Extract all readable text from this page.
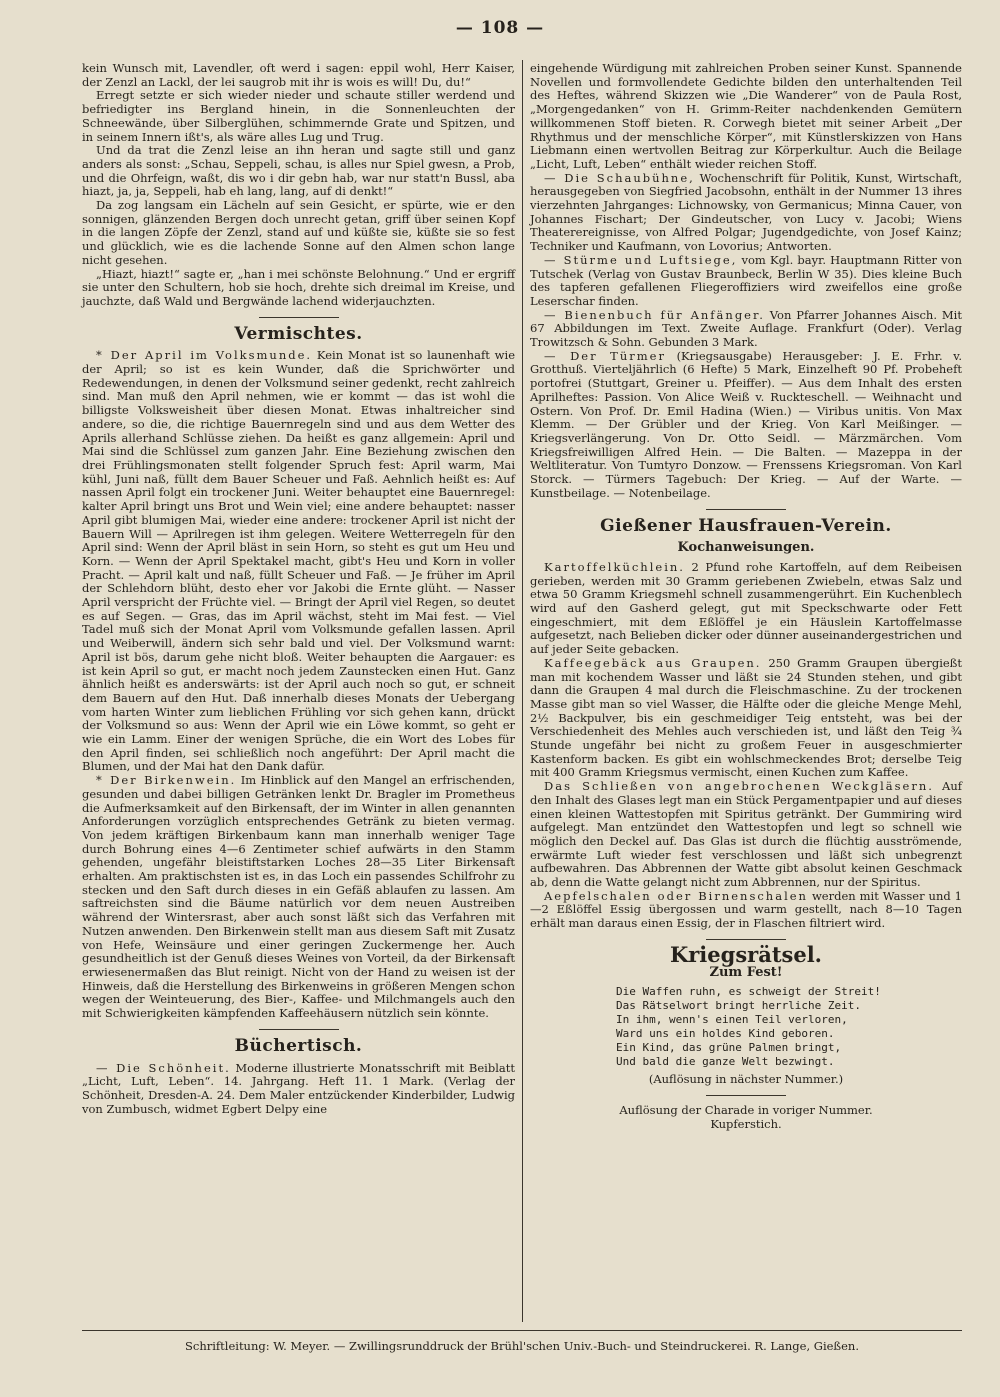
— 108 —

kein Wunsch mit, Lavendler, oft werd i sagen: eppil wohl, Herr Kaiser, der Zenzl an Lackl, der lei saugrob mit ihr is wois es will! Du, du!“

Erregt setzte er sich wieder nieder und schaute stiller werdend und befriedigter ins Bergland hinein, in die Sonnenleuchten der Schneewände, über Silberglühen, schimmernde Grate und Spitzen, und in seinem Innern ißt's, als wäre alles Lug und Trug.

Und da trat die Zenzl leise an ihn heran und sagte still und ganz anders als sonst: „Schau, Seppeli, schau, is alles nur Spiel gwesn, a Prob, und die Ohrfeign, waßt, dis wo i dir gebn hab, war nur statt'n Bussl, aba hiazt, ja, ja, Seppeli, hab eh lang, lang, auf di denkt!“

Da zog langsam ein Lächeln auf sein Gesicht, er spürte, wie er den sonnigen, glänzenden Bergen doch unrecht getan, griff über seinen Kopf in die langen Zöpfe der Zenzl, stand auf und küßte sie, küßte sie so fest und glücklich, wie es die lachende Sonne auf den Almen schon lange nicht gesehen.

„Hiazt, hiazt!“ sagte er, „han i mei schönste Belohnung.“ Und er ergriff sie unter den Schultern, hob sie hoch, drehte sich dreimal im Kreise, und jauchzte, daß Wald und Bergwände lachend widerjauchzten.

Vermischtes.

* Der April im Volksmunde. Kein Monat ist so launenhaft wie der April; so ist es kein Wunder, daß die Sprichwörter und Redewendungen, in denen der Volksmund seiner gedenkt, recht zahlreich sind. Man muß den April nehmen, wie er kommt — das ist wohl die billigste Volksweisheit über diesen Monat. Etwas inhaltreicher sind andere, so die, die richtige Bauernregeln sind und aus dem Wetter des Aprils allerhand Schlüsse ziehen. Da heißt es ganz allgemein: April und Mai sind die Schlüssel zum ganzen Jahr. Eine Beziehung zwischen den drei Frühlingsmonaten stellt folgender Spruch fest: April warm, Mai kühl, Juni naß, füllt dem Bauer Scheuer und Faß. Aehnlich heißt es: Auf nassen April folgt ein trockener Juni. Weiter behauptet eine Bauernregel: kalter April bringt uns Brot und Wein viel; eine andere behauptet: nasser April gibt blumigen Mai, wieder eine andere: trockener April ist nicht der Bauern Will — Aprilregen ist ihm gelegen. Weitere Wetterregeln für den April sind: Wenn der April bläst in sein Horn, so steht es gut um Heu und Korn. — Wenn der April Spektakel macht, gibt's Heu und Korn in voller Pracht. — April kalt und naß, füllt Scheuer und Faß. — Je früher im April der Schlehdorn blüht, desto eher vor Jakobi die Ernte glüht. — Nasser April verspricht der Früchte viel. — Bringt der April viel Regen, so deutet es auf Segen. — Gras, das im April wächst, steht im Mai fest. — Viel Tadel muß sich der Monat April vom Volksmunde gefallen lassen. April und Weiberwill, ändern sich sehr bald und viel. Der Volksmund warnt: April ist bös, darum gehe nicht bloß. Weiter behaupten die Aargauer: es ist kein April so gut, er macht noch jedem Zaunstecken einen Hut. Ganz ähnlich heißt es anderswärts: ist der April auch noch so gut, er schneit dem Bauern auf den Hut. Daß innerhalb dieses Monats der Uebergang vom harten Winter zum lieblichen Frühling vor sich gehen kann, drückt der Volksmund so aus: Wenn der April wie ein Löwe kommt, so geht er wie ein Lamm. Einer der wenigen Sprüche, die ein Wort des Lobes für den April finden, sei schließlich noch angeführt: Der April macht die Blumen, und der Mai hat den Dank dafür.

* Der Birkenwein. Im Hinblick auf den Mangel an erfrischenden, gesunden und dabei billigen Getränken lenkt Dr. Bragler im Prometheus die Aufmerksamkeit auf den Birkensaft, der im Winter in allen genannten Anforderungen vorzüglich entsprechendes Getränk zu bieten vermag. Von jedem kräftigen Birkenbaum kann man innerhalb weniger Tage durch Bohrung eines 4—6 Zentimeter schief aufwärts in den Stamm gehenden, ungefähr bleistiftstarken Loches 28—35 Liter Birkensaft erhalten. Am praktischsten ist es, in das Loch ein passendes Schilfrohr zu stecken und den Saft durch dieses in ein Gefäß ablaufen zu lassen. Am saftreichsten sind die Bäume natürlich vor dem neuen Austreiben während der Wintersrast, aber auch sonst läßt sich das Verfahren mit Nutzen anwenden. Den Birkenwein stellt man aus diesem Saft mit Zusatz von Hefe, Weinsäure und einer geringen Zuckermenge her. Auch gesundheitlich ist der Genuß dieses Weines von Vorteil, da der Birkensaft erwiesenermaßen das Blut reinigt. Nicht von der Hand zu weisen ist der Hinweis, daß die Herstellung des Birkenweins in größeren Mengen schon wegen der Weinteuerung, des Bier-, Kaffee- und Milchmangels auch den mit Schwierigkeiten kämpfenden Kaffeehäusern nützlich sein könnte.

Büchertisch.

— Die Schönheit. Moderne illustrierte Monatsschrift mit Beiblatt „Licht, Luft, Leben“. 14. Jahrgang. Heft 11. 1 Mark. (Verlag der Schönheit, Dresden-A. 24. Dem Maler entzückender Kinderbilder, Ludwig von Zumbusch, widmet Egbert Delpy eine

eingehende Würdigung mit zahlreichen Proben seiner Kunst. Spannende Novellen und formvollendete Gedichte bilden den unterhaltenden Teil des Heftes, während Skizzen wie „Die Wanderer“ von de Paula Rost, „Morgengedanken“ von H. Grimm-Reiter nachdenkenden Gemütern willkommenen Stoff bieten. R. Corwegh bietet mit seiner Arbeit „Der Rhythmus und der menschliche Körper“, mit Künstlerskizzen von Hans Liebmann einen wertvollen Beitrag zur Körperkultur. Auch die Beilage „Licht, Luft, Leben“ enthält wieder reichen Stoff.

— Die Schaubühne, Wochenschrift für Politik, Kunst, Wirtschaft, herausgegeben von Siegfried Jacobsohn, enthält in der Nummer 13 ihres vierzehnten Jahrganges: Lichnowsky, von Germanicus; Minna Cauer, von Johannes Fischart; Der Gindeutscher, von Lucy v. Jacobi; Wiens Theaterereignisse, von Alfred Polgar; Jugendgedichte, von Josef Kainz; Techniker und Kaufmann, von Lovorius; Antworten.

— Stürme und Luftsiege, vom Kgl. bayr. Hauptmann Ritter von Tutschek (Verlag von Gustav Braunbeck, Berlin W 35). Dies kleine Buch des tapferen gefallenen Fliegeroffiziers wird zweifellos eine große Leserschar finden.

— Bienenbuch für Anfänger. Von Pfarrer Johannes Aisch. Mit 67 Abbildungen im Text. Zweite Auflage. Frankfurt (Oder). Verlag Trowitzsch & Sohn. Gebunden 3 Mark.

— Der Türmer (Kriegsausgabe) Herausgeber: J. E. Frhr. v. Grotthuß. Vierteljährlich (6 Hefte) 5 Mark, Einzelheft 90 Pf. Probeheft portofrei (Stuttgart, Greiner u. Pfeiffer). — Aus dem Inhalt des ersten Aprilheftes: Passion. Von Alice Weiß v. Ruckteschell. — Weihnacht und Ostern. Von Prof. Dr. Emil Hadina (Wien.) — Viribus unitis. Von Max Klemm. — Der Grübler und der Krieg. Von Karl Meißinger. — Kriegsverlängerung. Von Dr. Otto Seidl. — Märzmärchen. Vom Kriegsfreiwilligen Alfred Hein. — Die Balten. — Mazeppa in der Weltliteratur. Von Tumtyro Donzow. — Frenssens Kriegsroman. Von Karl Storck. — Türmers Tagebuch: Der Krieg. — Auf der Warte. — Kunstbeilage. — Notenbeilage.

Gießener Hausfrauen-Verein.
Kochanweisungen.

Kartoffelküchlein. 2 Pfund rohe Kartoffeln, auf dem Reibeisen gerieben, werden mit 30 Gramm geriebenen Zwiebeln, etwas Salz und etwa 50 Gramm Kriegsmehl schnell zusammengerührt. Ein Kuchenblech wird auf den Gasherd gelegt, gut mit Speckschwarte oder Fett eingeschmiert, mit dem Eßlöffel je ein Häuslein Kartoffelmasse aufgesetzt, nach Belieben dicker oder dünner auseinandergestrichen und auf jeder Seite gebacken.

Kaffeegebäck aus Graupen. 250 Gramm Graupen übergießt man mit kochendem Wasser und läßt sie 24 Stunden stehen, und gibt dann die Graupen 4 mal durch die Fleischmaschine. Zu der trockenen Masse gibt man so viel Wasser, die Hälfte oder die gleiche Menge Mehl, 2½ Backpulver, bis ein geschmeidiger Teig entsteht, was bei der Verschiedenheit des Mehles auch verschieden ist, und läßt den Teig ¾ Stunde ungefähr bei nicht zu großem Feuer in ausgeschmierter Kastenform backen. Es gibt ein wohlschmeckendes Brot; derselbe Teig mit 400 Gramm Kriegsmus vermischt, einen Kuchen zum Kaffee.

Das Schließen von angebrochenen Weckgläsern. Auf den Inhalt des Glases legt man ein Stück Pergamentpapier und auf dieses einen kleinen Wattestopfen mit Spiritus getränkt. Der Gummiring wird aufgelegt. Man entzündet den Wattestopfen und legt so schnell wie möglich den Deckel auf. Das Glas ist durch die flüchtig ausströmende, erwärmte Luft wieder fest verschlossen und läßt sich unbegrenzt aufbewahren. Das Abbrennen der Watte gibt absolut keinen Geschmack ab, denn die Watte gelangt nicht zum Abbrennen, nur der Spiritus.

Aepfelschalen oder Birnenschalen werden mit Wasser und 1—2 Eßlöffel Essig übergossen und warm gestellt, nach 8—10 Tagen erhält man daraus einen Essig, der in Flaschen filtriert wird.

Kriegsrätsel.
Zum Fest!
Die Waffen ruhn, es schweigt der Streit!
Das Rätselwort bringt herrliche Zeit.
In ihm, wenn's einen Teil verloren,
Ward uns ein holdes Kind geboren.
Ein Kind, das grüne Palmen bringt,
Und bald die ganze Welt bezwingt.
(Auflösung in nächster Nummer.)
Auflösung der Charade in voriger Nummer.
Kupferstich.
Schriftleitung: W. Meyer. — Zwillingsrunddruck der Brühl'schen Univ.-Buch- und Steindruckerei. R. Lange, Gießen.
